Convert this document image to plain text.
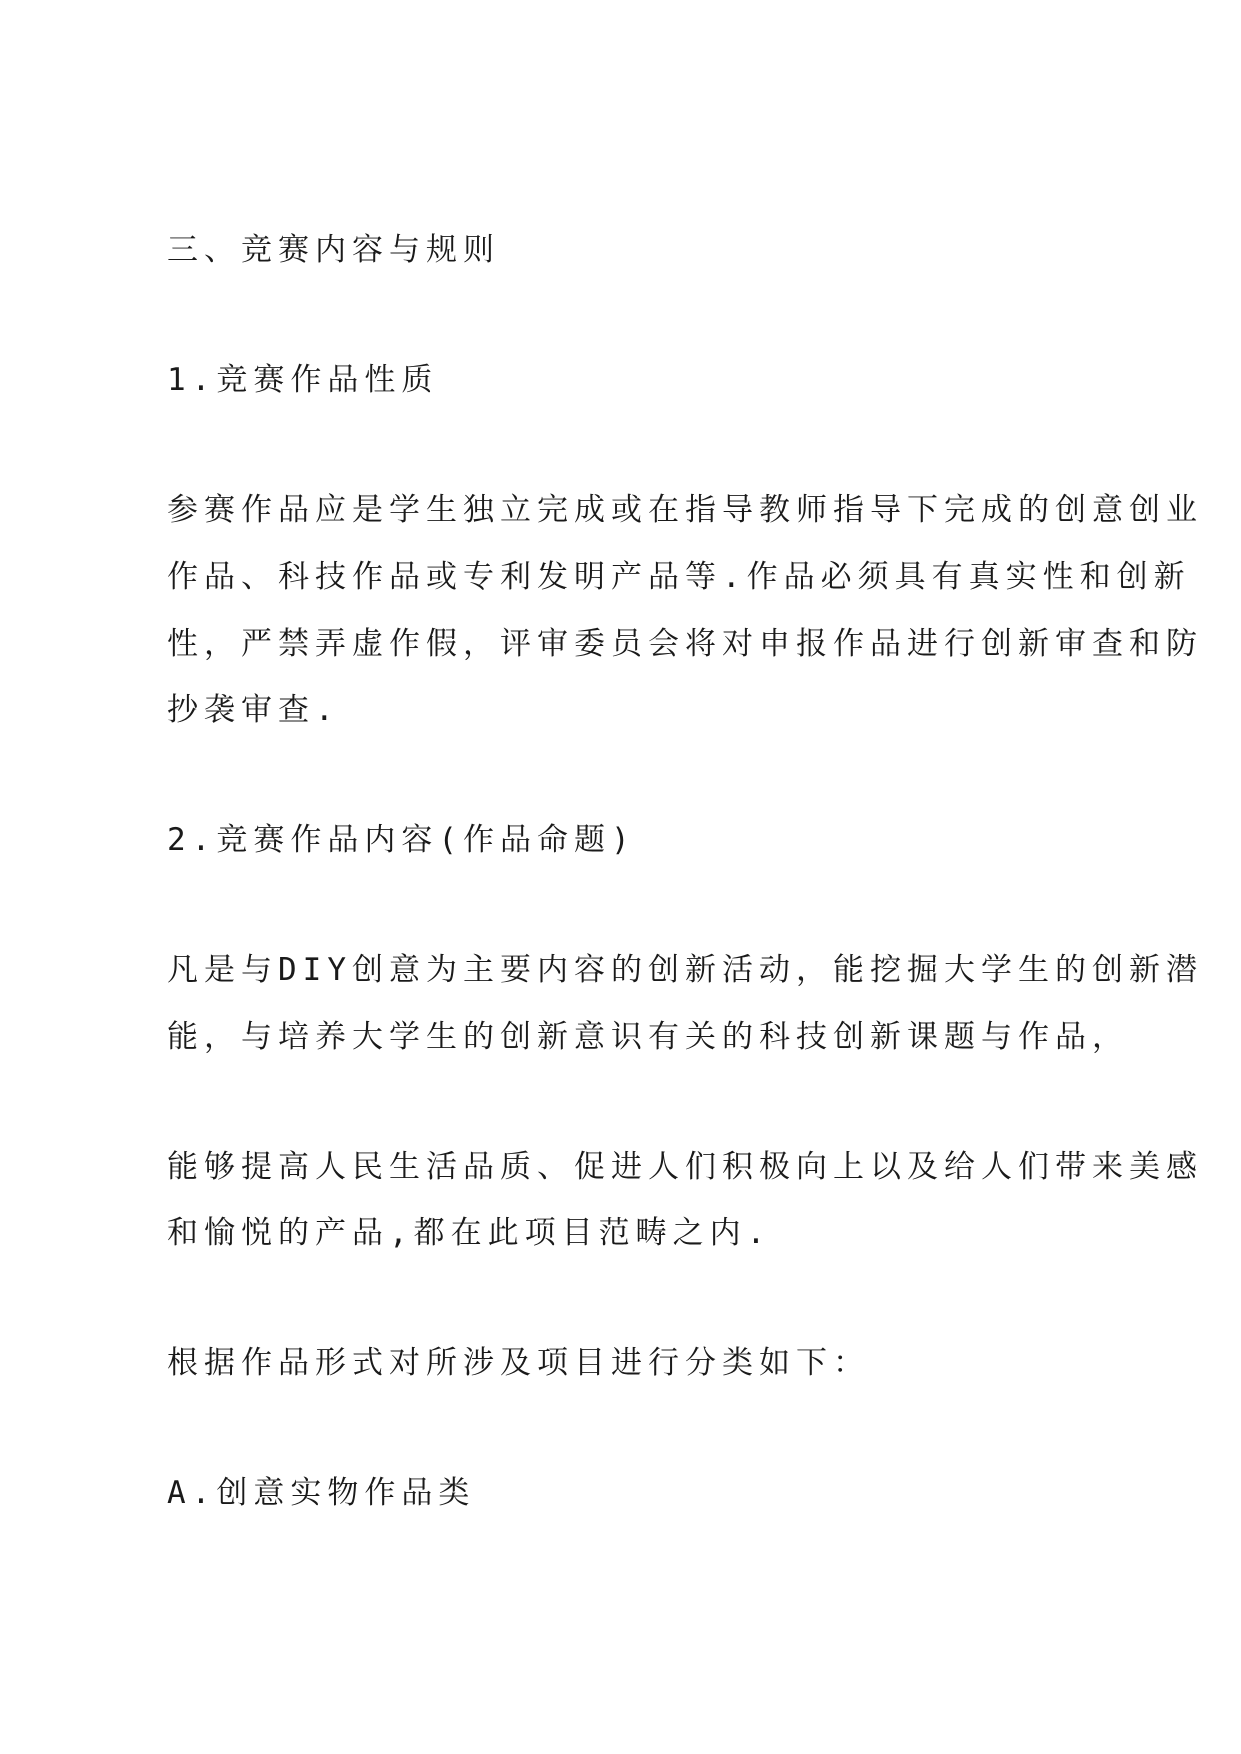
三、竞赛内容与规则
1.竞赛作品性质
参赛作品应是学生独立完成或在指导教师指导下完成的创意创业
作品、科技作品或专利发明产品等.作品必须具有真实性和创新
性，严禁弄虚作假，评审委员会将对申报作品进行创新审查和防
抄袭审查.
2.竞赛作品内容(作品命题)
凡是与DIY创意为主要内容的创新活动，能挖掘大学生的创新潜
能，与培养大学生的创新意识有关的科技创新课题与作品，
能够提高人民生活品质、促进人们积极向上以及给人们带来美感
和愉悦的产品,都在此项目范畴之内.
根据作品形式对所涉及项目进行分类如下：
A.创意实物作品类
